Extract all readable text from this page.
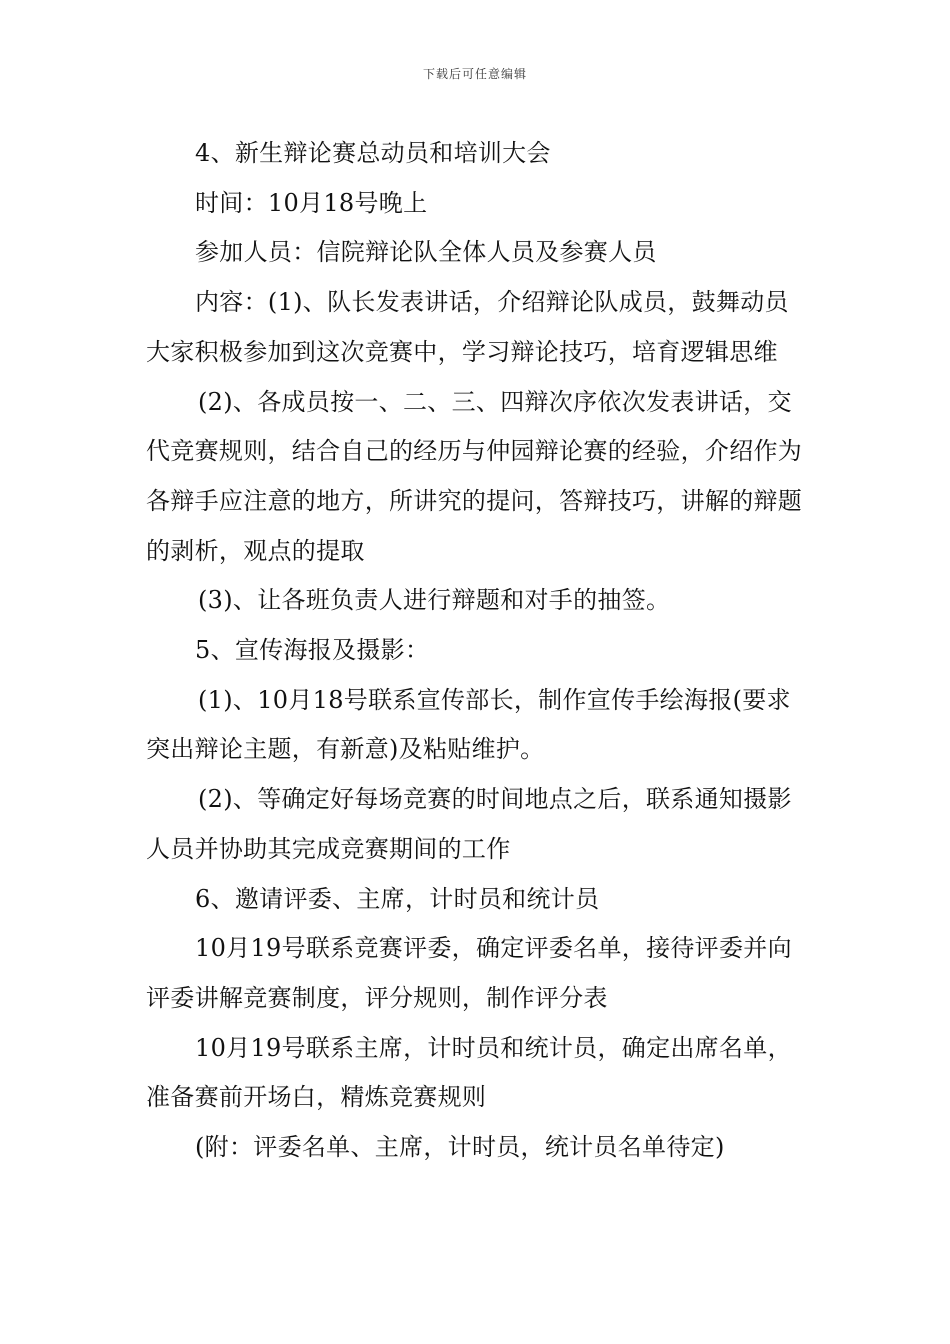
下载后可任意编辑

4、新生辩论赛总动员和培训大会

时间：10月18号晚上

参加人员：信院辩论队全体人员及参赛人员

内容：(1)、队长发表讲话，介绍辩论队成员，鼓舞动员大家积极参加到这次竞赛中，学习辩论技巧，培育逻辑思维

(2)、各成员按一、二、三、四辩次序依次发表讲话，交代竞赛规则，结合自己的经历与仲园辩论赛的经验，介绍作为各辩手应注意的地方，所讲究的提问，答辩技巧，讲解的辩题的剥析，观点的提取

(3)、让各班负责人进行辩题和对手的抽签。

5、宣传海报及摄影：

(1)、10月18号联系宣传部长，制作宣传手绘海报(要求突出辩论主题，有新意)及粘贴维护。

(2)、等确定好每场竞赛的时间地点之后，联系通知摄影人员并协助其完成竞赛期间的工作

6、邀请评委、主席，计时员和统计员

10月19号联系竞赛评委，确定评委名单，接待评委并向评委讲解竞赛制度，评分规则，制作评分表

10月19号联系主席，计时员和统计员，确定出席名单，准备赛前开场白，精炼竞赛规则

(附：评委名单、主席，计时员，统计员名单待定)
